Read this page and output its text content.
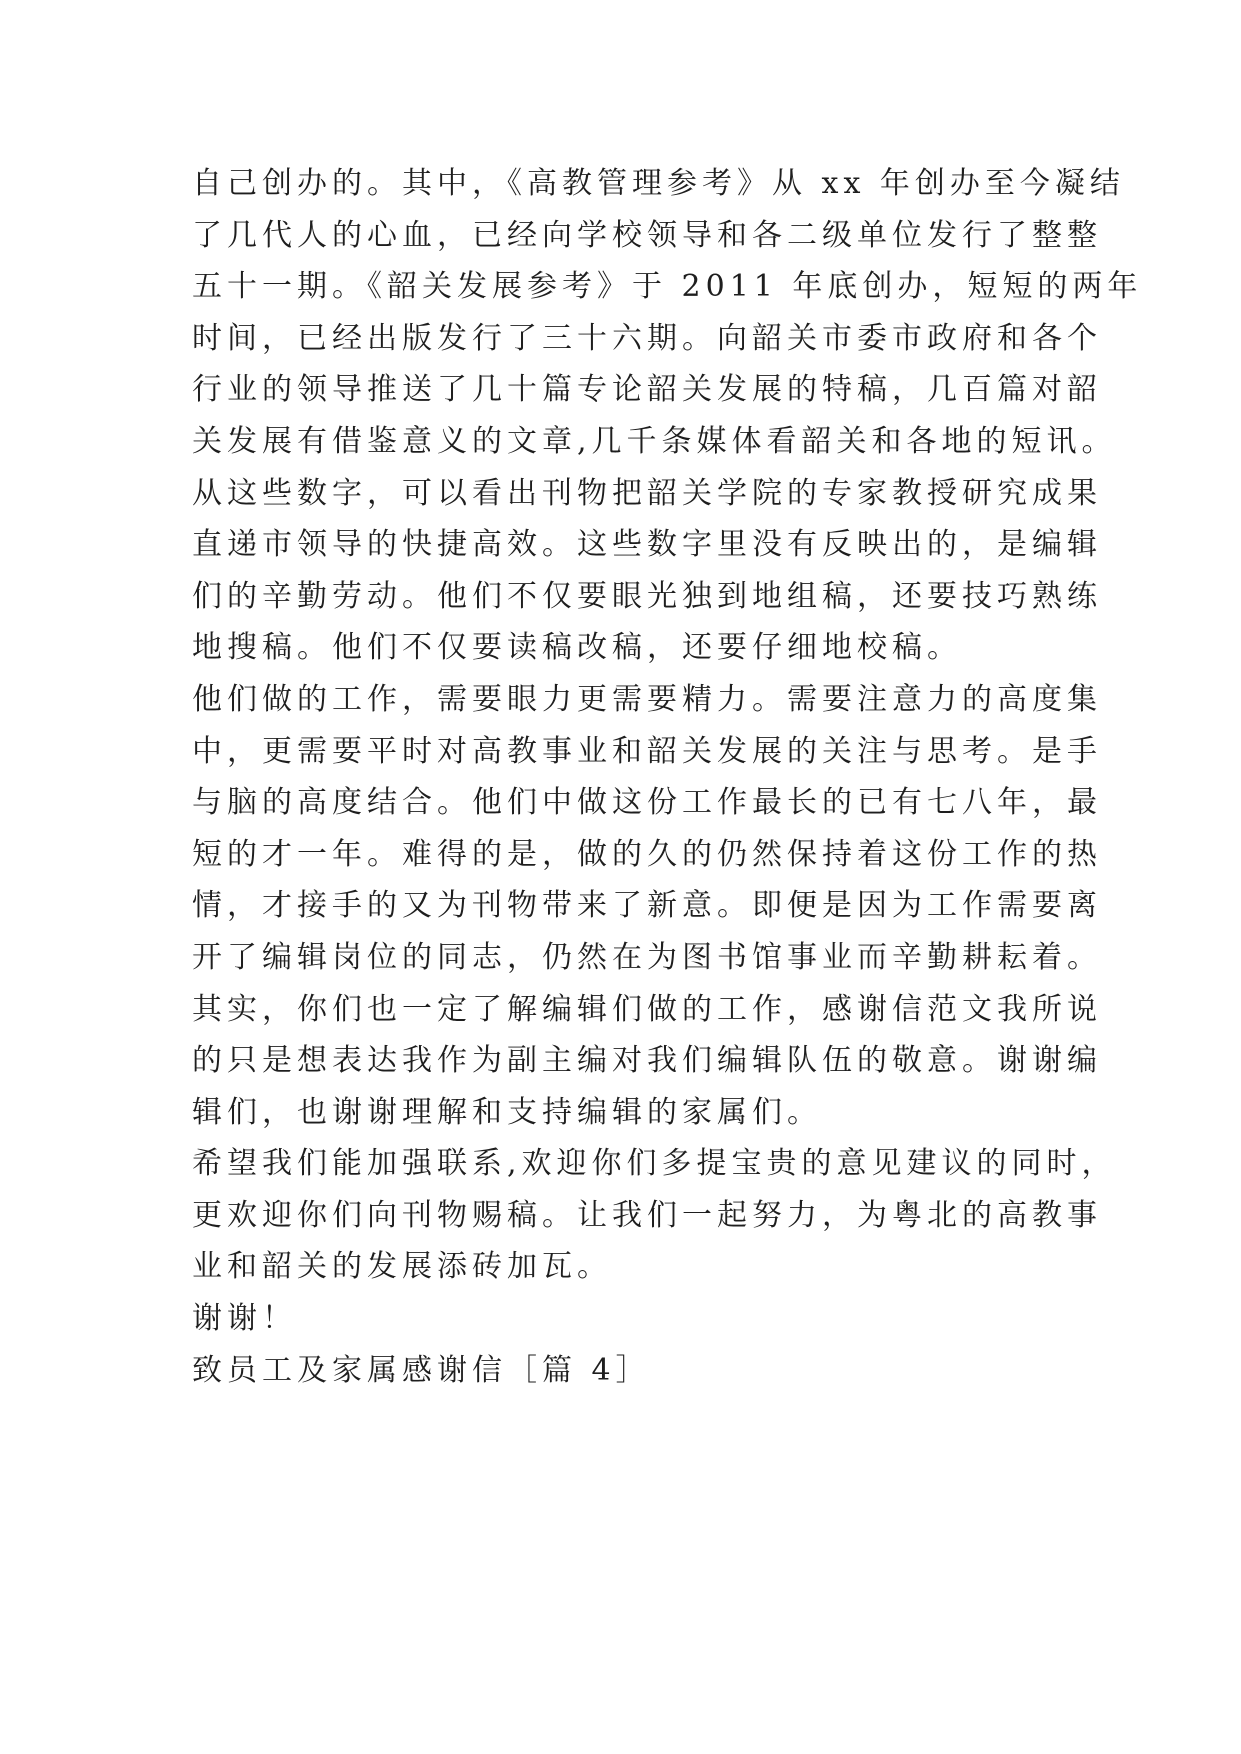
自己创办的。其中，《高教管理参考》从 xx 年创办至今凝结
了几代人的心血，已经向学校领导和各二级单位发行了整整
五十一期。《韶关发展参考》于 2011 年底创办，短短的两年
时间，已经出版发行了三十六期。向韶关市委市政府和各个
行业的领导推送了几十篇专论韶关发展的特稿，几百篇对韶
关发展有借鉴意义的文章,几千条媒体看韶关和各地的短讯。
从这些数字，可以看出刊物把韶关学院的专家教授研究成果
直递市领导的快捷高效。这些数字里没有反映出的，是编辑
们的辛勤劳动。他们不仅要眼光独到地组稿，还要技巧熟练
地搜稿。他们不仅要读稿改稿，还要仔细地校稿。
他们做的工作，需要眼力更需要精力。需要注意力的高度集
中，更需要平时对高教事业和韶关发展的关注与思考。是手
与脑的高度结合。他们中做这份工作最长的已有七八年，最
短的才一年。难得的是，做的久的仍然保持着这份工作的热
情，才接手的又为刊物带来了新意。即便是因为工作需要离
开了编辑岗位的同志，仍然在为图书馆事业而辛勤耕耘着。
其实，你们也一定了解编辑们做的工作，感谢信范文我所说
的只是想表达我作为副主编对我们编辑队伍的敬意。谢谢编
辑们，也谢谢理解和支持编辑的家属们。
希望我们能加强联系,欢迎你们多提宝贵的意见建议的同时，
更欢迎你们向刊物赐稿。让我们一起努力，为粤北的高教事
业和韶关的发展添砖加瓦。
谢谢！
致员工及家属感谢信［篇 4］
